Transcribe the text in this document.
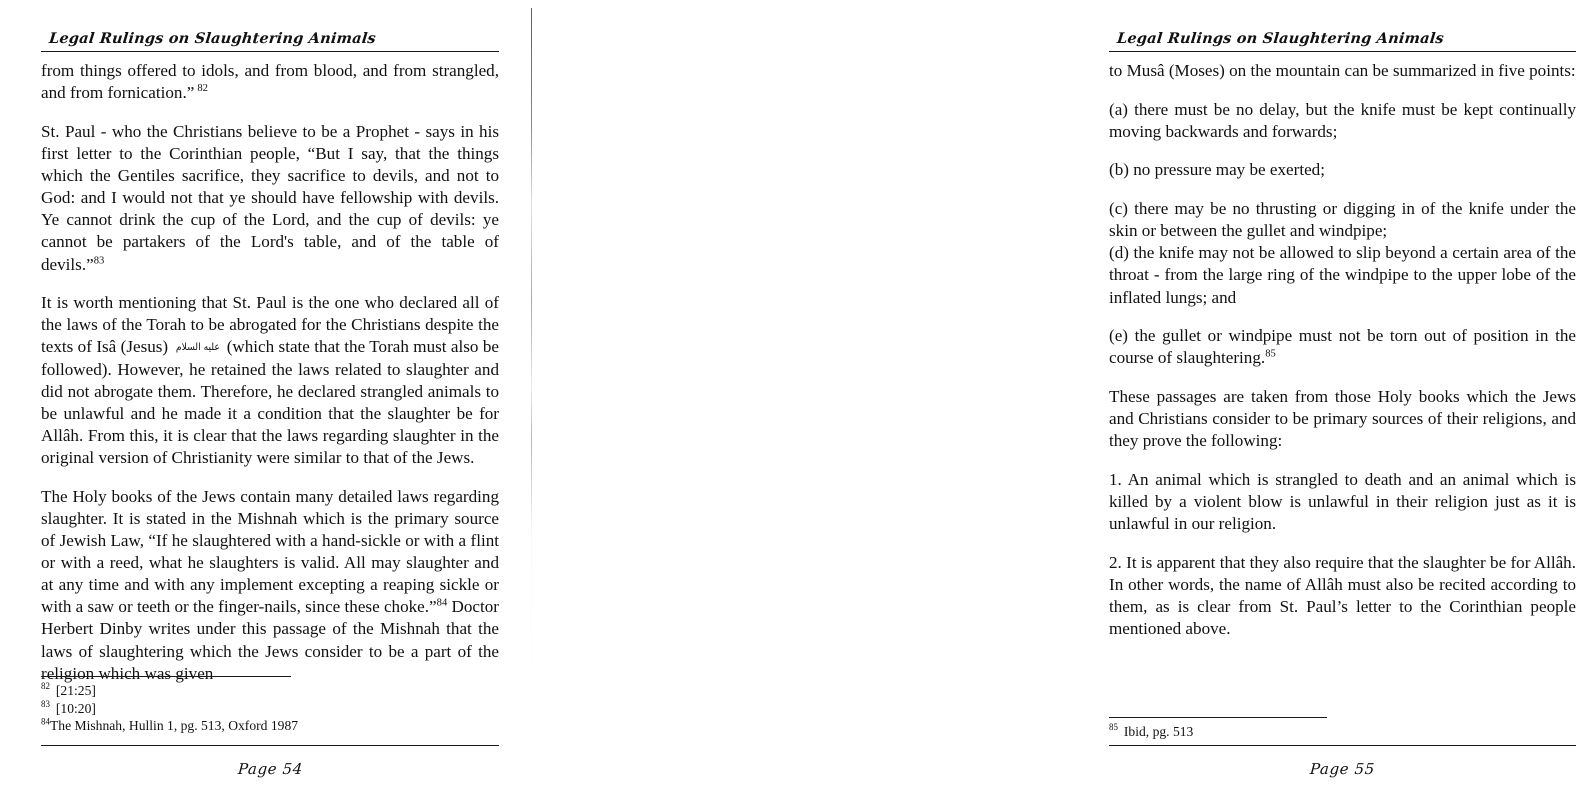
Legal Rulings on Slaughtering Animals

from things offered to idols, and from blood, and from strangled, and from fornication.” $^{82}$

St. Paul - who the Christians believe to be a Prophet - says in his first letter to the Corinthian people, “But I say, that the things which the Gentiles sacrifice, they sacrifice to devils, and not to God: and I would not that ye should have fellowship with devils. Ye cannot drink the cup of the Lord, and the cup of devils: ye cannot be partakers of the Lord's table, and of the table of devils.”$^{83}$

It is worth mentioning that St. Paul is the one who declared all of the laws of the Torah to be abrogated for the Christians despite the texts of Isâ (Jesus) عليه السلام (which state that the Torah must also be followed). However, he retained the laws related to slaughter and did not abrogate them. Therefore, he declared strangled animals to be unlawful and he made it a condition that the slaughter be for Allâh. From this, it is clear that the laws regarding slaughter in the original version of Christianity were similar to that of the Jews.

The Holy books of the Jews contain many detailed laws regarding slaughter. It is stated in the Mishnah which is the primary source of Jewish Law, “If he slaughtered with a hand-sickle or with a flint or with a reed, what he slaughters is valid. All may slaughter and at any time and with any implement excepting a reaping sickle or with a saw or teeth or the finger-nails, since these choke.”$^{84}$ Doctor Herbert Dinby writes under this passage of the Mishnah that the laws of slaughtering which the Jews consider to be a part of the religion which was given

$^{82}$ [21:25]

$^{83}$ [10:20]

$^{84}$The Mishnah, Hullin 1, pg. 513, Oxford 1987

Page 54
Legal Rulings on Slaughtering Animals

to Musâ (Moses) on the mountain can be summarized in five points:

(a) there must be no delay, but the knife must be kept continually moving backwards and forwards;

(b) no pressure may be exerted;

(c) there may be no thrusting or digging in of the knife under the skin or between the gullet and windpipe;

(d) the knife may not be allowed to slip beyond a certain area of the throat - from the large ring of the windpipe to the upper lobe of the inflated lungs; and

(e) the gullet or windpipe must not be torn out of position in the course of slaughtering.$^{85}$

These passages are taken from those Holy books which the Jews and Christians consider to be primary sources of their religions, and they prove the following:

1. An animal which is strangled to death and an animal which is killed by a violent blow is unlawful in their religion just as it is unlawful in our religion.

2. It is apparent that they also require that the slaughter be for Allâh. In other words, the name of Allâh must also be recited according to them, as is clear from St. Paul’s letter to the Corinthian people mentioned above.

$^{85}$ Ibid, pg. 513

Page 55
